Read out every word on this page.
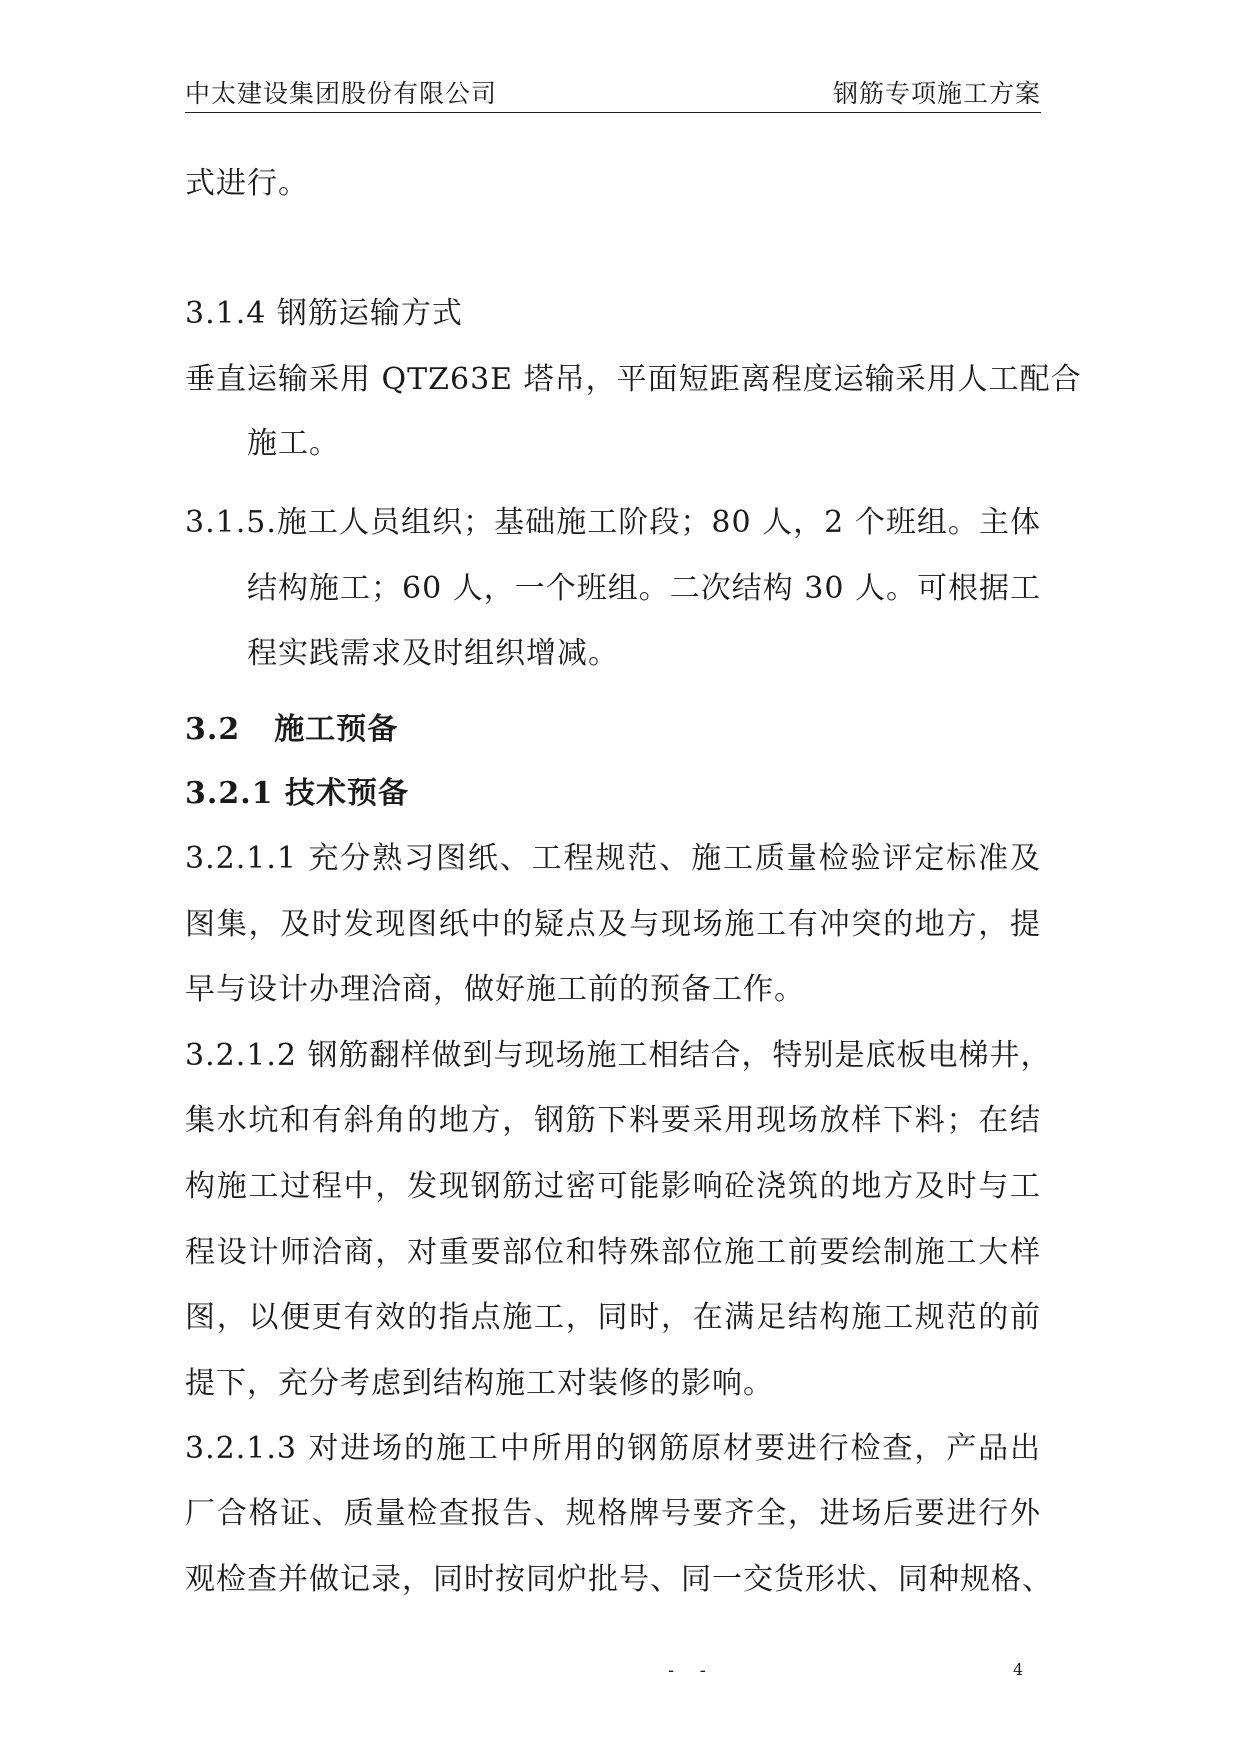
中太建设集团股份有限公司	钢筋专项施工方案
式进行。
3.1.4 钢筋运输方式
垂直运输采用 QTZ63E 塔吊，平面短距离程度运输采用人工配合
施工。
3.1.5.施工人员组织；基础施工阶段；80 人，2 个班组。主体
结构施工；60 人，一个班组。二次结构 30 人。可根据工
程实践需求及时组织增减。
3.2 施工预备
3.2.1 技术预备
3.2.1.1 充分熟习图纸、工程规范、施工质量检验评定标准及
图集，及时发现图纸中的疑点及与现场施工有冲突的地方，提
早与设计办理洽商，做好施工前的预备工作。
3.2.1.2 钢筋翻样做到与现场施工相结合，特别是底板电梯井，
集水坑和有斜角的地方，钢筋下料要采用现场放样下料；在结
构施工过程中，发现钢筋过密可能影响砼浇筑的地方及时与工
程设计师洽商，对重要部位和特殊部位施工前要绘制施工大样
图，以便更有效的指点施工，同时，在满足结构施工规范的前
提下，充分考虑到结构施工对装修的影响。
3.2.1.3 对进场的施工中所用的钢筋原材要进行检查，产品出
厂合格证、质量检查报告、规格牌号要齐全，进场后要进行外
观检查并做记录，同时按同炉批号、同一交货形状、同种规格、
- -	4
